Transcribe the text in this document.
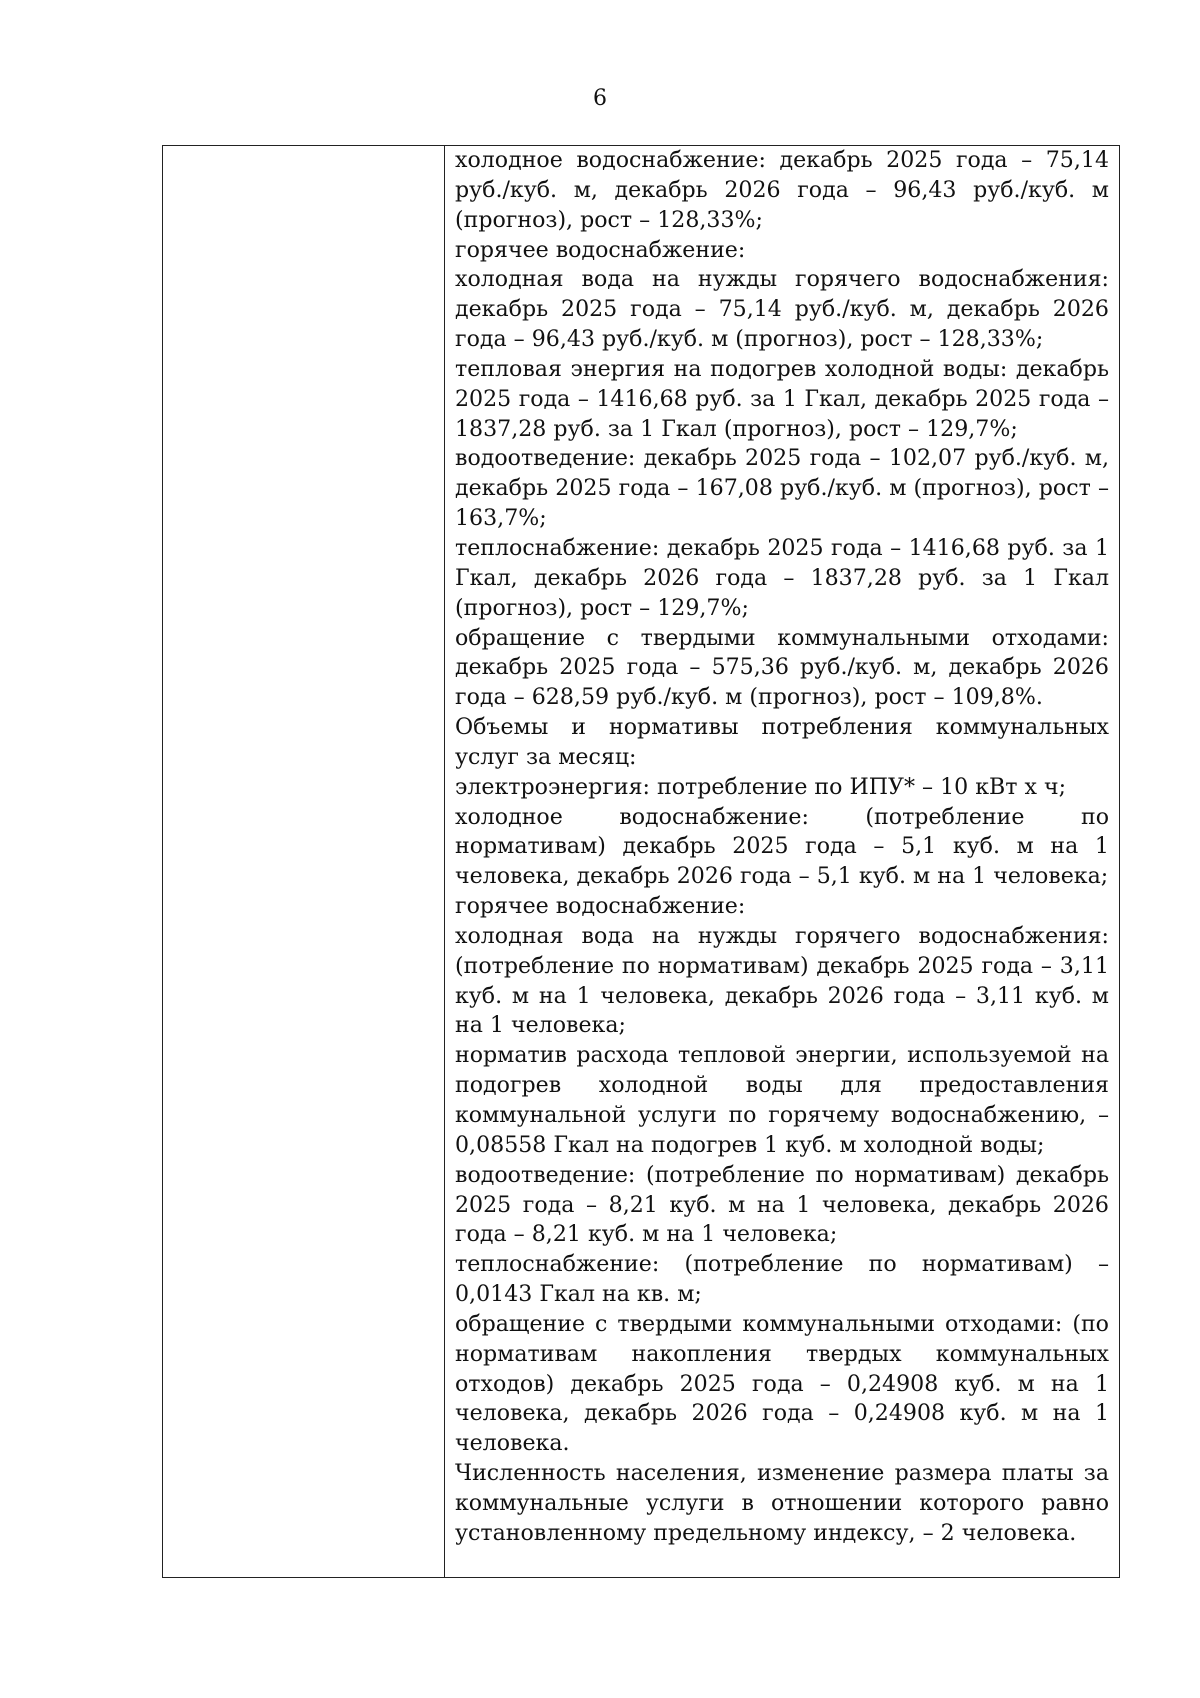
6

холодное водоснабжение: декабрь 2025 года – 75,14 руб./куб. м, декабрь 2026 года – 96,43 руб./куб. м (прогноз), рост – 128,33%;

горячее водоснабжение:

холодная вода на нужды горячего водоснабжения: декабрь 2025 года – 75,14 руб./куб. м, декабрь 2026 года – 96,43 руб./куб. м (прогноз), рост – 128,33%;

тепловая энергия на подогрев холодной воды: декабрь 2025 года – 1416,68 руб. за 1 Гкал, декабрь 2025 года – 1837,28 руб. за 1 Гкал (прогноз), рост – 129,7%;

водоотведение: декабрь 2025 года – 102,07 руб./куб. м, декабрь 2025 года – 167,08 руб./куб. м (прогноз), рост – 163,7%;

теплоснабжение: декабрь 2025 года – 1416,68 руб. за 1 Гкал, декабрь 2026 года – 1837,28 руб. за 1 Гкал (прогноз), рост – 129,7%;

обращение с твердыми коммунальными отходами: декабрь 2025 года – 575,36 руб./куб. м, декабрь 2026 года – 628,59 руб./куб. м (прогноз), рост – 109,8%.

Объемы и нормативы потребления коммунальных услуг за месяц:

электроэнергия: потребление по ИПУ* – 10 кВт х ч;

холодное водоснабжение: (потребление по нормативам) декабрь 2025 года – 5,1 куб. м на 1 человека, декабрь 2026 года – 5,1 куб. м на 1 человека;

горячее водоснабжение:

холодная вода на нужды горячего водоснабжения: (потребление по нормативам) декабрь 2025 года – 3,11 куб. м на 1 человека, декабрь 2026 года – 3,11 куб. м на 1 человека;

норматив расхода тепловой энергии, используемой на подогрев холодной воды для предоставления коммунальной услуги по горячему водоснабжению, – 0,08558 Гкал на подогрев 1 куб. м холодной воды;

водоотведение: (потребление по нормативам) декабрь 2025 года – 8,21 куб. м на 1 человека, декабрь 2026 года – 8,21 куб. м на 1 человека;

теплоснабжение: (потребление по нормативам) – 0,0143 Гкал на кв. м;

обращение с твердыми коммунальными отходами: (по нормативам накопления твердых коммунальных отходов) декабрь 2025 года – 0,24908 куб. м на 1 человека, декабрь 2026 года – 0,24908 куб. м на 1 человека.

Численность населения, изменение размера платы за коммунальные услуги в отношении которого равно установленному предельному индексу, – 2 человека.
